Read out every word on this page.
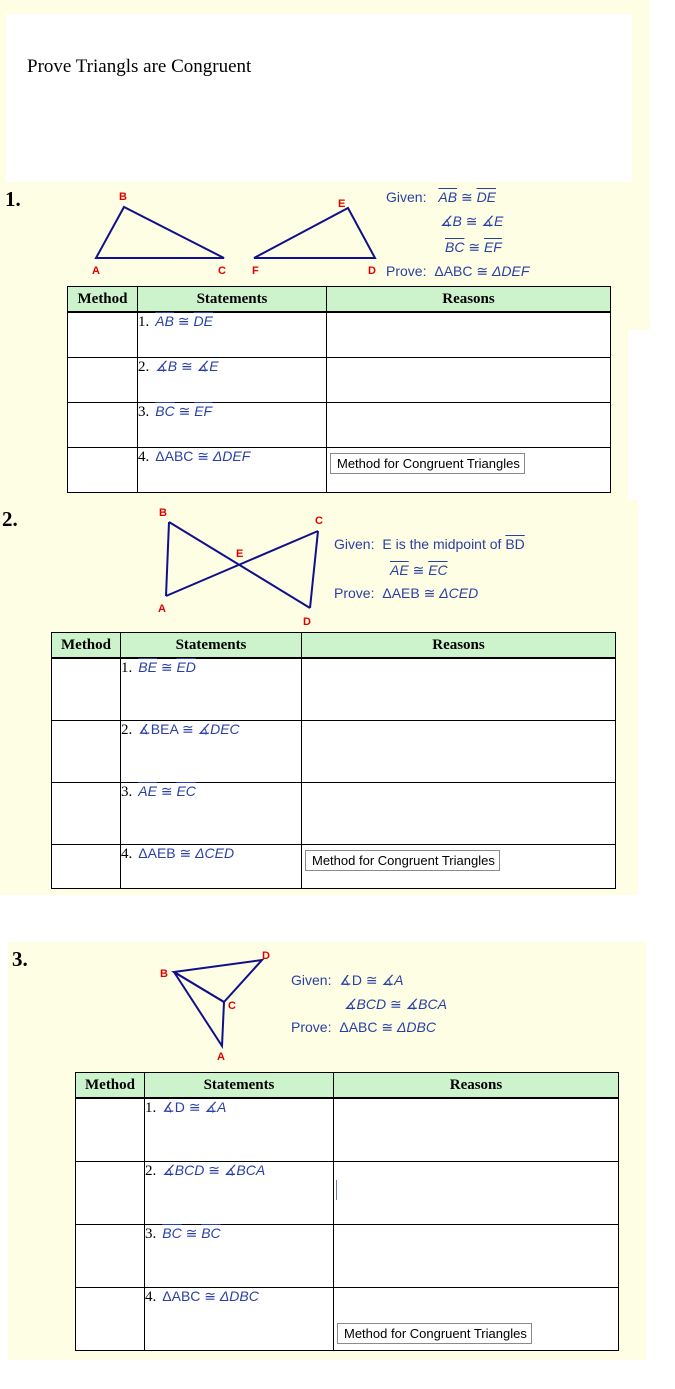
Prove Triangls are Congruent
1.
A
B
C F
E
D
Given: $\overline{AB}$ ≅ $\overline{DE}$
∡B ≅ ∡E
$\overline{BC}$ ≅ $\overline{EF}$
Prove: ΔABC ≅ ΔDEF
Method	Statements	Reasons
	1. $\overline{AB}$ ≅ $\overline{DE}$	
	2. ∡B ≅ ∡E	
	3. $\overline{BC}$ ≅ $\overline{EF}$	
	4. ΔABC ≅ ΔDEF	Method for Congruent Triangles
2.	B
C
E
A
D
Given: E is the midpoint of $\overline{BD}$
$\overline{AE}$ ≅ $\overline{EC}$
Prove: ΔAEB ≅ ΔCED
Method	Statements	Reasons
	1. $\overline{BE}$ ≅ $\overline{ED}$	
	2. ∡BEA ≅ ∡DEC	
	3. $\overline{AE}$ ≅ $\overline{EC}$	
	4. ΔAEB ≅ ΔCED	Method for Congruent Triangles
3.	D
B
C
A
Given: ∡D ≅ ∡A
∡BCD ≅ ∡BCA
Prove: ΔABC ≅ ΔDBC
Method	Statements	Reasons
	1. ∡D ≅ ∡A	
	2. ∡BCD ≅ ∡BCA	
	3. $\overline{BC}$ ≅ $\overline{BC}$	
	4. ΔABC ≅ ΔDBC	Method for Congruent Triangles
